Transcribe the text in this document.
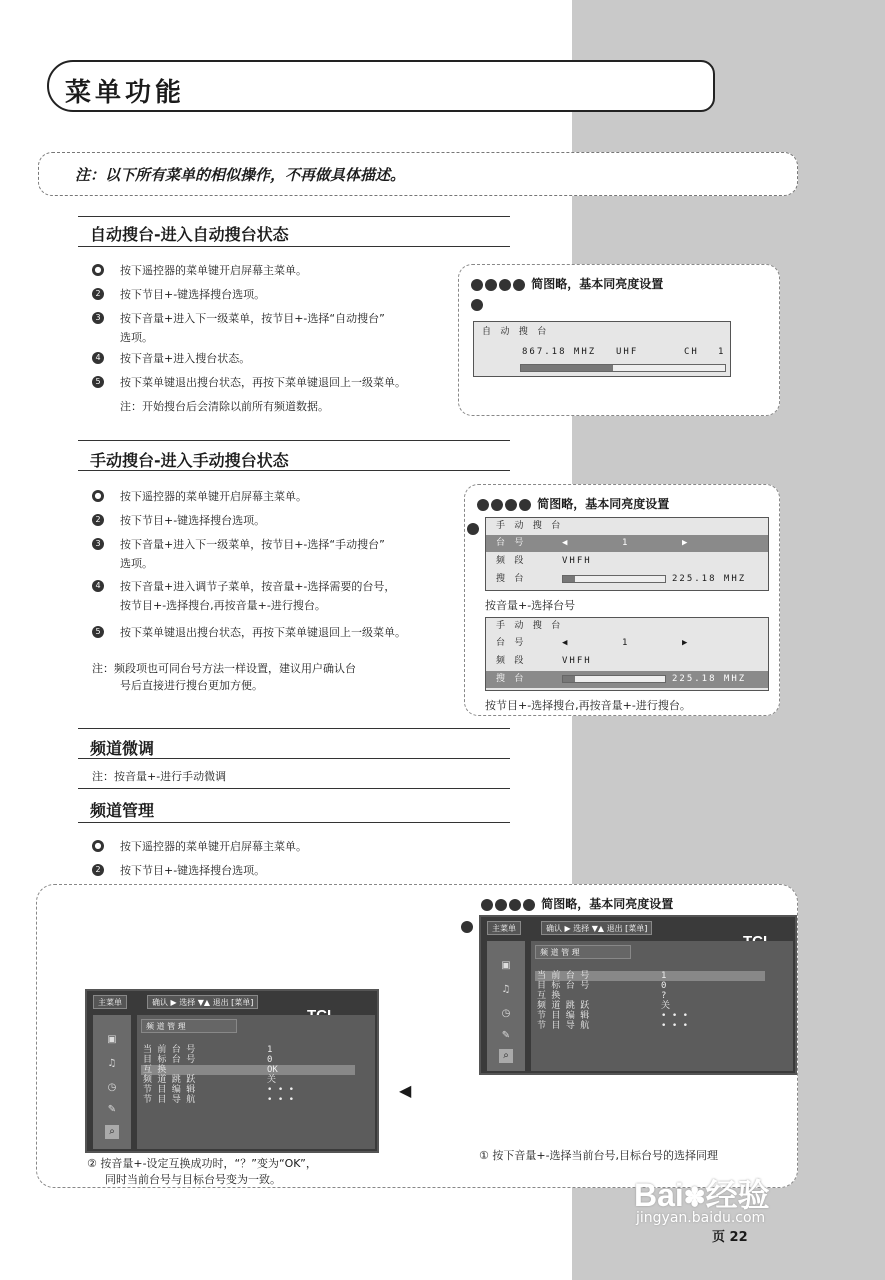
菜单功能
注：以下所有菜单的相似操作，不再做具体描述。
自动搜台-进入自动搜台状态
● 按下遥控器的菜单键开启屏幕主菜单。
2	按下节目+-键选择搜台选项。
3	按下音量+进入下一级菜单，按节目+-选择“自动搜台”
选项。
4	按下音量+进入搜台状态。
5	按下菜单键退出搜台状态，再按下菜单键退回上一级菜单。
注：开始搜台后会清除以前所有频道数据。
简图略，基本同亮度设置
自 动 搜 台
867.18 MHZ UHF	CH 1
手动搜台-进入手动搜台状态
● 按下遥控器的菜单键开启屏幕主菜单。
2	按下节目+-键选择搜台选项。
3	按下音量+进入下一级菜单，按节目+-选择“手动搜台”
选项。
4	按下音量+进入调节子菜单，按音量+-选择需要的台号，
按节目+-选择搜台,再按音量+-进行搜台。
5	按下菜单键退出搜台状态，再按下菜单键退回上一级菜单。
注：频段项也可同台号方法一样设置，建议用户确认台
号后直接进行搜台更加方便。
简图略，基本同亮度设置
手 动 搜 台
台 号	◀	1	▶
频 段	VHFH
搜 台	225.18 MHZ
按音量+-选择台号
手 动 搜 台
台 号	◀	1	▶
频 段	VHFH
搜 台	225.18 MHZ
按节目+-选择搜台,再按音量+-进行搜台。
频道微调
注：按音量+-进行手动微调
频道管理
● 按下遥控器的菜单键开启屏幕主菜单。
2	按下节目+-键选择搜台选项。
简图略，基本同亮度设置
主菜单	确认 ▶ 选择 ▼▲ 退出 [菜单]
▣
♫
◷
✎
⌕
频 道 管 理
当 前 台 号	1
目 标 台 号	0
互 换	?
频 道 跳 跃	关
节 目 编 辑	• • •
节 目 导 航	• • •
主菜单	确认 ▶ 选择 ▼▲ 退出 [菜单]
▣
♫
◷
✎
⌕
频 道 管 理
当 前 台 号	1
目 标 台 号	0
互 换	OK
频 道 跳 跃	关
节 目 编 辑	• • •
节 目 导 航	• • •	◀
① 按下音量+-选择当前台号,目标台号的选择同理
② 按音量+-设定互换成功时，“？”变为“OK”，
同时当前台号与目标台号变为一致。	Bai✽经验
jingyan.baidu.com
页 22
